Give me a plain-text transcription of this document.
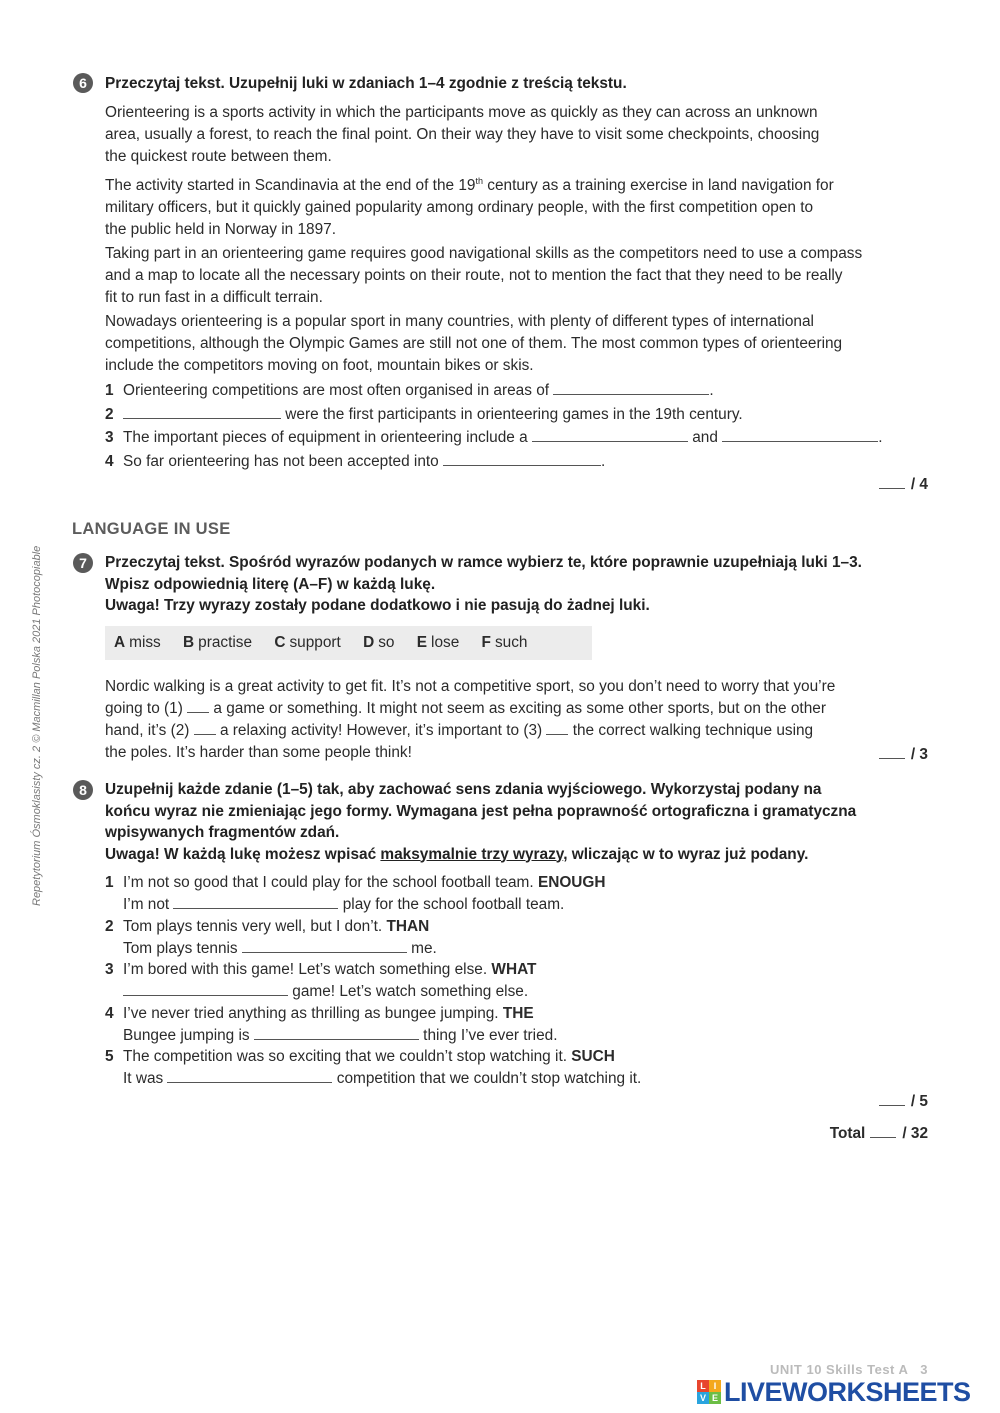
6	Przeczytaj tekst. Uzupełnij luki w zdaniach 1–4 zgodnie z treścią tekstu.

Orienteering is a sports activity in which the participants move as quickly as they can across an unknown

area, usually a forest, to reach the final point. On their way they have to visit some checkpoints, choosing

the quickest route between them.

The activity started in Scandinavia at the end of the 19th century as a training exercise in land navigation for

military officers, but it quickly gained popularity among ordinary people, with the first competition open to

the public held in Norway in 1897.

Taking part in an orienteering game requires good navigational skills as the competitors need to use a compass

and a map to locate all the necessary points on their route, not to mention the fact that they need to be really

fit to run fast in a difficult terrain.

Nowadays orienteering is a popular sport in many countries, with plenty of different types of international

competitions, although the Olympic Games are still not one of them. The most common types of orienteering

include the competitors moving on foot, mountain bikes or skis.

1 Orienteering competitions are most often organised in areas of	.
2	were the first participants in orienteering games in the 19th century.
3 The important pieces of equipment in orienteering include a	and	.
4 So far orienteering has not been accepted into	.
/ 4
LANGUAGE IN USE
7	Przeczytaj tekst. Spośród wyrazów podanych w ramce wybierz te, które poprawnie uzupełniają luki 1–3.
Wpisz odpowiednią literę (A–F) w każdą lukę.
Uwaga! Trzy wyrazy zostały podane dodatkowo i nie pasują do żadnej luki.
A miss B practise C support D so E lose F such

Nordic walking is a great activity to get fit. It’s not a competitive sport, so you don’t need to worry that you’re

going to (1)  a game or something. It might not seem as exciting as some other sports, but on the other

hand, it’s (2)  a relaxing activity! However, it’s important to (3)  the correct walking technique using

the poles. It’s harder than some people think!	/ 3
8	Uzupełnij każde zdanie (1–5) tak, aby zachować sens zdania wyjściowego. Wykorzystaj podany na
końcu wyraz nie zmieniając jego formy. Wymagana jest pełna poprawność ortograficzna i gramatyczna
wpisywanych fragmentów zdań.
Uwaga! W każdą lukę możesz wpisać maksymalnie trzy wyrazy, wliczając w to wyraz już podany.
1 I’m not so good that I could play for the school football team. ENOUGH
I’m not	play for the school football team.
2 Tom plays tennis very well, but I don’t. THAN
Tom plays tennis	me.
3 I’m bored with this game! Let’s watch something else. WHAT
game! Let’s watch something else.
4 I’ve never tried anything as thrilling as bungee jumping. THE
Bungee jumping is	thing I’ve ever tried.
5 The competition was so exciting that we couldn’t stop watching it. SUCH
It was	competition that we couldn’t stop watching it.
/ 5
Total / 32
Repetytorium Ósmoklasisty cz. 2 © Macmillan Polska 2021 Photocopiable
UNIT 10 Skills Test A   3
L I
V E LIVEWORKSHEETS
